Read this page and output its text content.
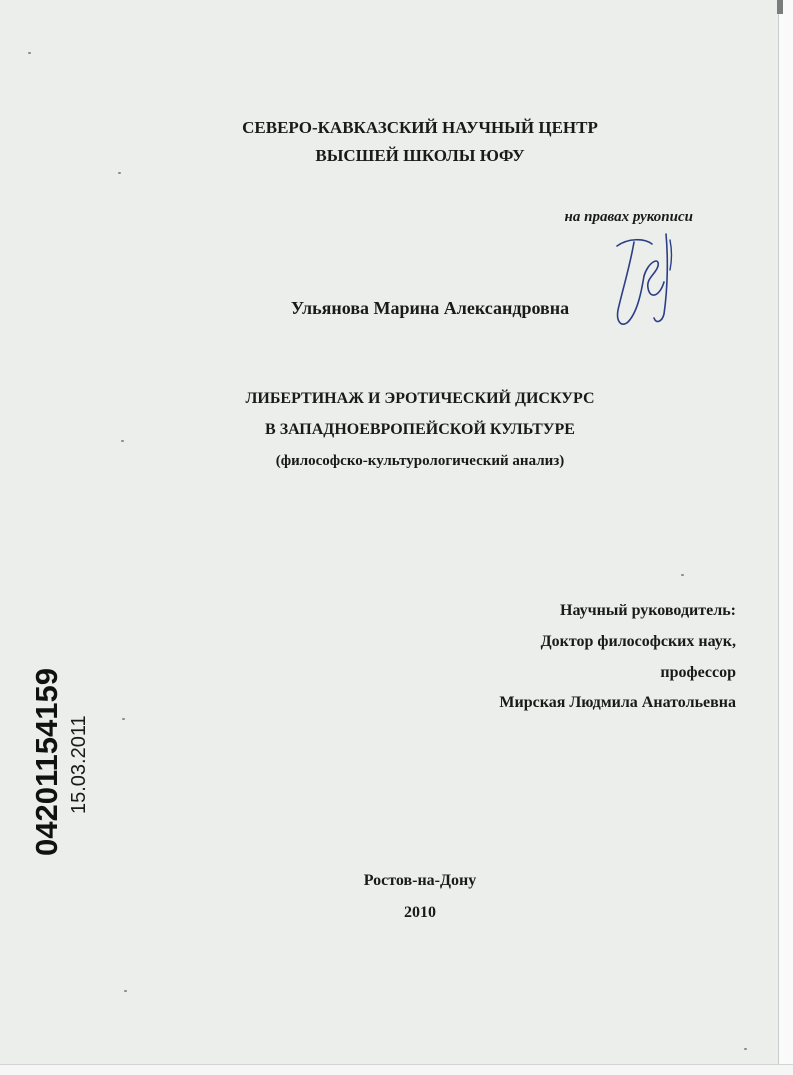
СЕВЕРО-КАВКАЗСКИЙ НАУЧНЫЙ ЦЕНТР
ВЫСШЕЙ ШКОЛЫ ЮФУ
на правах рукописи
Ульянова Марина Александровна
ЛИБЕРТИНАЖ И ЭРОТИЧЕСКИЙ ДИСКУРС
В ЗАПАДНОЕВРОПЕЙСКОЙ КУЛЬТУРЕ
(философско-культурологический анализ)
Научный руководитель:
Доктор философских наук,
профессор
Мирская Людмила Анатольевна
Ростов-на-Дону
2010
04201154159 15.03.2011
